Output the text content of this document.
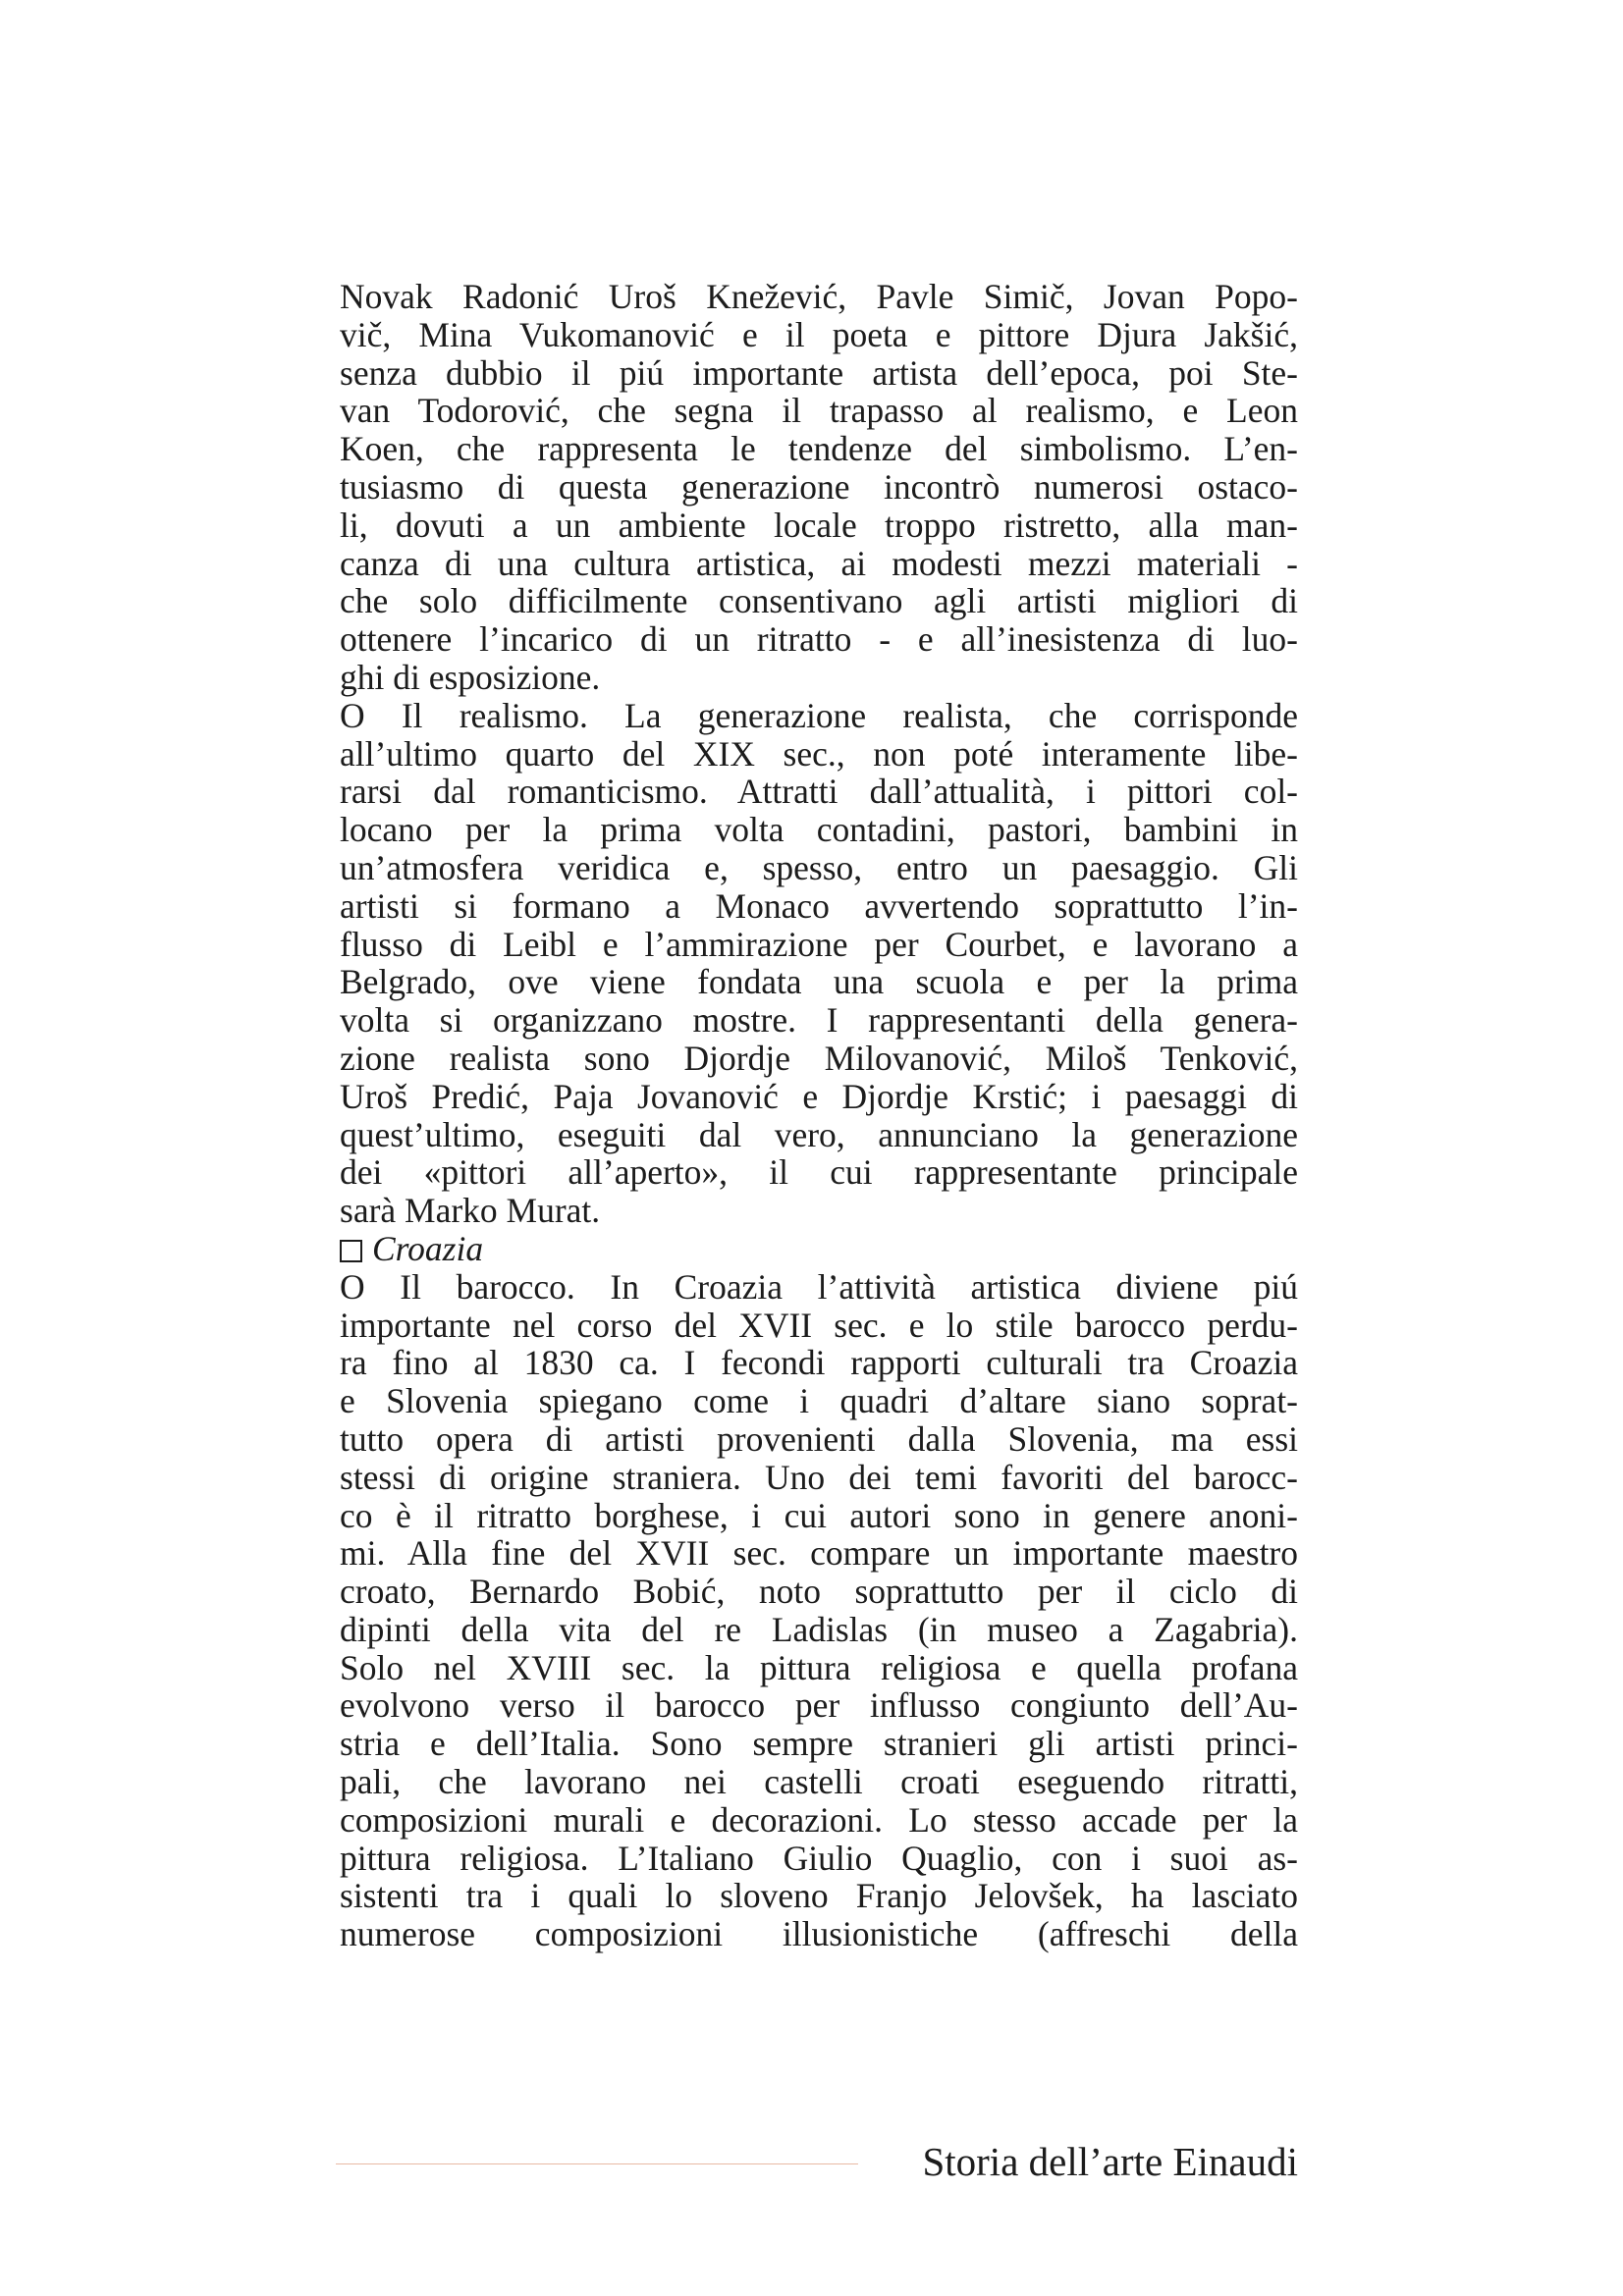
Novak Radonić Uroš Knežević, Pavle Simič, Jovan Popo-
vič, Mina Vukomanović e il poeta e pittore Djura Jakšić,
senza dubbio il piú importante artista dell’epoca, poi Ste-
van Todorović, che segna il trapasso al realismo, e Leon
Koen, che rappresenta le tendenze del simbolismo. L’en-
tusiasmo di questa generazione incontrò numerosi ostaco-
li, dovuti a un ambiente locale troppo ristretto, alla man-
canza di una cultura artistica, ai modesti mezzi materiali -
che solo difficilmente consentivano agli artisti migliori di
ottenere l’incarico di un ritratto - e all’inesistenza di luo-
ghi di esposizione.
O Il realismo. La generazione realista, che corrisponde
all’ultimo quarto del XIX sec., non poté interamente libe-
rarsi dal romanticismo. Attratti dall’attualità, i pittori col-
locano per la prima volta contadini, pastori, bambini in
un’atmosfera veridica e, spesso, entro un paesaggio. Gli
artisti si formano a Monaco avvertendo soprattutto l’in-
flusso di Leibl e l’ammirazione per Courbet, e lavorano a
Belgrado, ove viene fondata una scuola e per la prima
volta si organizzano mostre. I rappresentanti della genera-
zione realista sono Djordje Milovanović, Miloš Tenković,
Uroš Predić, Paja Jovanović e Djordje Krstić; i paesaggi di
quest’ultimo, eseguiti dal vero, annunciano la generazione
dei «pittori all’aperto», il cui rappresentante principale
sarà Marko Murat.
Croazia
O Il barocco. In Croazia l’attività artistica diviene piú
importante nel corso del XVII sec. e lo stile barocco perdu-
ra fino al 1830 ca. I fecondi rapporti culturali tra Croazia
e Slovenia spiegano come i quadri d’altare siano soprat-
tutto opera di artisti provenienti dalla Slovenia, ma essi
stessi di origine straniera. Uno dei temi favoriti del barocc-
co è il ritratto borghese, i cui autori sono in genere anoni-
mi. Alla fine del XVII sec. compare un importante maestro
croato, Bernardo Bobić, noto soprattutto per il ciclo di
dipinti della vita del re Ladislas (in museo a Zagabria).
Solo nel XVIII sec. la pittura religiosa e quella profana
evolvono verso il barocco per influsso congiunto dell’Au-
stria e dell’Italia. Sono sempre stranieri gli artisti princi-
pali, che lavorano nei castelli croati eseguendo ritratti,
composizioni murali e decorazioni. Lo stesso accade per la
pittura religiosa. L’Italiano Giulio Quaglio, con i suoi as-
sistenti tra i quali lo sloveno Franjo Jelovšek, ha lasciato
numerose composizioni illusionistiche (affreschi della
Storia dell’arte Einaudi
